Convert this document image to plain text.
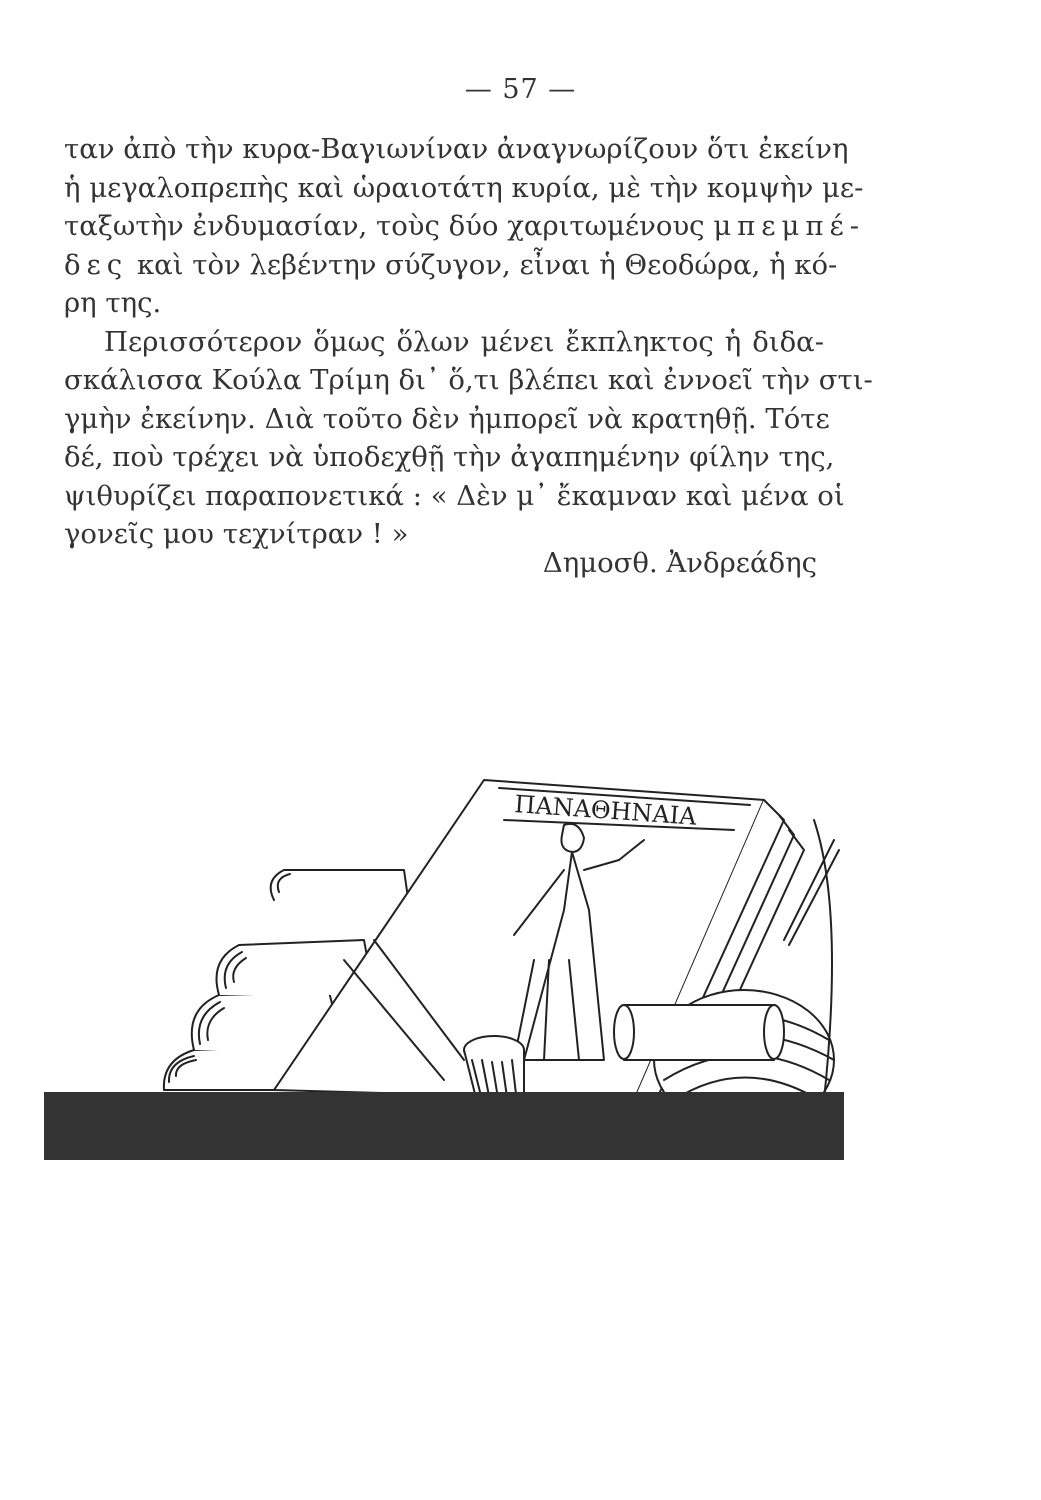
— 57 —

ταν ἀπὸ τὴν κυρα-Βαγιωνίναν ἀναγνωρίζουν ὅτι ἐκείνη
ἡ μεγαλοπρεπὴς καὶ ὡραιοτάτη κυρία, μὲ τὴν κομψὴν με-
ταξωτὴν ἐνδυμασίαν, τοὺς δύο χαριτωμένους μπεμπέ-
δες καὶ τὸν λεβέντην σύζυγον, εἶναι ἡ Θεοδώρα, ἡ κό-
ρη της.

Περισσότερον ὅμως ὅλων μένει ἔκπληκτος ἡ διδα-
σκάλισσα Κούλα Τρίμη δι᾽ ὅ,τι βλέπει καὶ ἐννοεῖ τὴν στι-
γμὴν ἐκείνην. Διὰ τοῦτο δὲν ἠμπορεῖ νὰ κρατηθῇ. Τότε
δέ, ποὺ τρέχει νὰ ὑποδεχθῇ τὴν ἀγαπημένην φίλην της,
ψιθυρίζει παραπονετικά : « Δὲν μ᾽ ἔκαμναν καὶ μένα οἱ
γονεῖς μου τεχνίτραν ! »

Δημοσθ. Ἀνδρεάδης
ΠΑΝΑΘΗΝΑΙΑ
